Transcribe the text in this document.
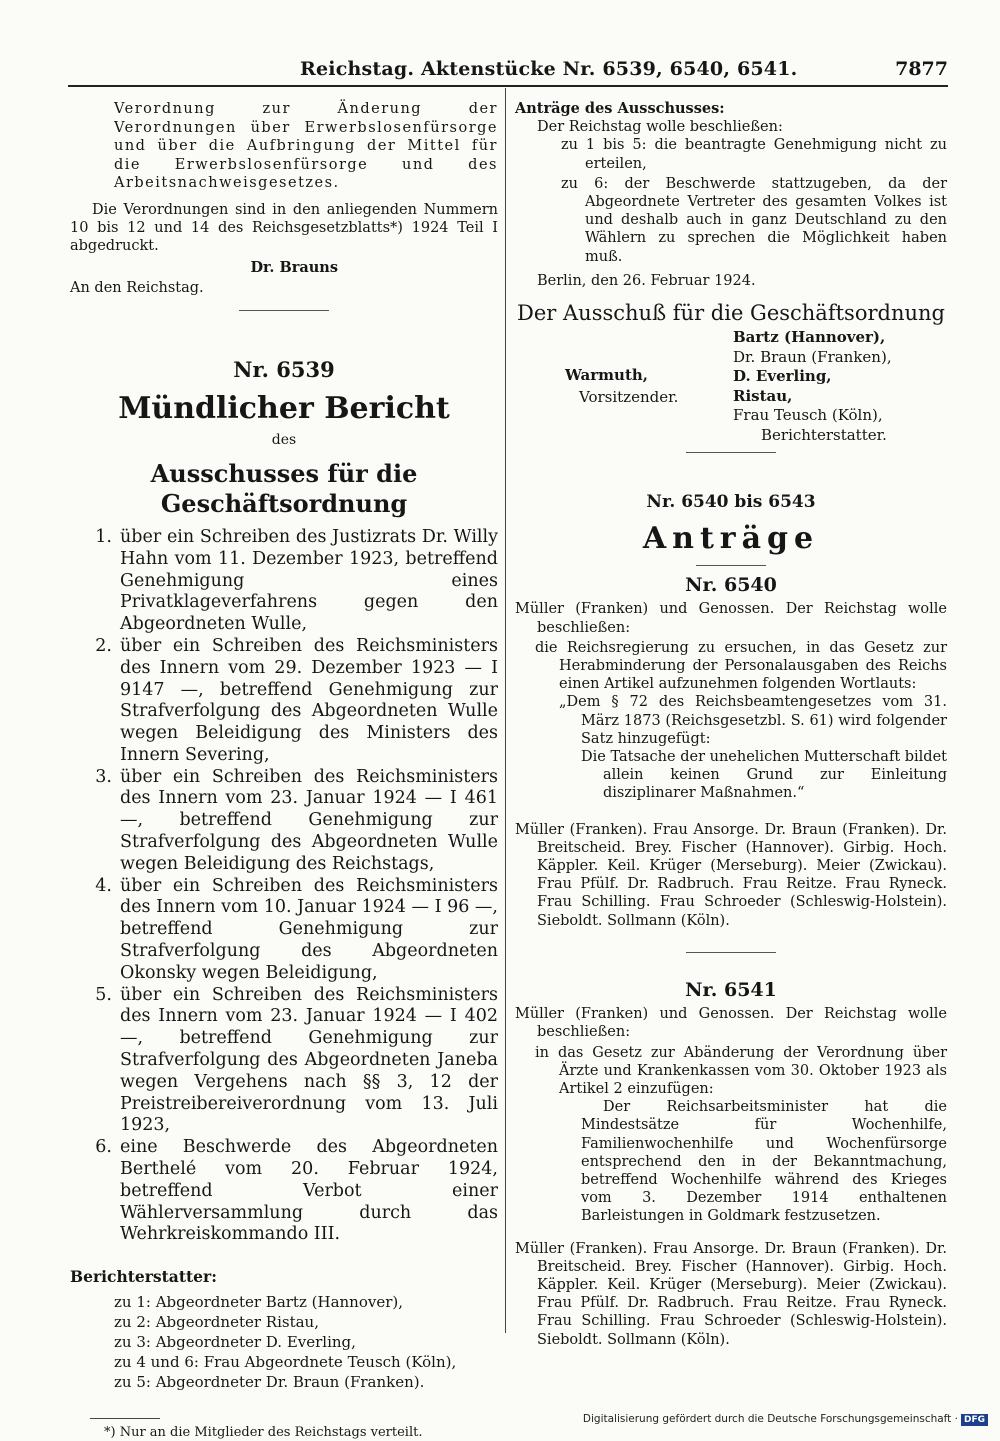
Reichstag. Aktenstücke Nr. 6539, 6540, 6541.	7877

Verordnung zur Änderung der Verordnungen über Erwerbslosenfürsorge und über die Aufbringung der Mittel für die Erwerbslosenfürsorge und des Arbeitsnachweisgesetzes.

Die Verordnungen sind in den anliegenden Nummern 10 bis 12 und 14 des Reichsgesetzblatts*) 1924 Teil I abgedruckt.

Dr. Brauns

An den Reichstag.

Nr. 6539
Mündlicher Bericht
des
Ausschusses für die Geschäftsordnung
1. über ein Schreiben des Justizrats Dr. Willy Hahn vom 11. Dezember 1923, betreffend Genehmigung eines Privatklageverfahrens gegen den Abgeordneten Wulle,
2. über ein Schreiben des Reichsministers des Innern vom 29. Dezember 1923 — I 9147 —, betreffend Genehmigung zur Strafverfolgung des Abgeordneten Wulle wegen Beleidigung des Ministers des Innern Severing,
3. über ein Schreiben des Reichsministers des Innern vom 23. Januar 1924 — I 461 —, betreffend Genehmigung zur Strafverfolgung des Abgeordneten Wulle wegen Beleidigung des Reichstags,
4. über ein Schreiben des Reichsministers des Innern vom 10. Januar 1924 — I 96 —, betreffend Genehmigung zur Strafverfolgung des Abgeordneten Okonsky wegen Beleidigung,
5. über ein Schreiben des Reichsministers des Innern vom 23. Januar 1924 — I 402 —, betreffend Genehmigung zur Strafverfolgung des Abgeordneten Janeba wegen Vergehens nach §§ 3, 12 der Preistreibereiverordnung vom 13. Juli 1923,
6. eine Beschwerde des Abgeordneten Berthelé vom 20. Februar 1924, betreffend Verbot einer Wählerversammlung durch das Wehrkreiskommando III.

Berichterstatter:

zu 1: Abgeordneter Bartz (Hannover),
zu 2: Abgeordneter Ristau,
zu 3: Abgeordneter D. Everling,
zu 4 und 6: Frau Abgeordnete Teusch (Köln),
zu 5: Abgeordneter Dr. Braun (Franken).

*) Nur an die Mitglieder des Reichstags verteilt.

Anträge des Ausschusses:

Der Reichstag wolle beschließen:

zu 1 bis 5: die beantragte Genehmigung nicht zu erteilen,

zu 6: der Beschwerde stattzugeben, da der Abgeordnete Vertreter des gesamten Volkes ist und deshalb auch in ganz Deutschland zu den Wählern zu sprechen die Möglichkeit haben muß.

Berlin, den 26. Februar 1924.

Der Ausschuß für die Geschäftsordnung
Bartz (Hannover),
Dr. Braun (Franken),
D. Everling,
Ristau,
Frau Teusch (Köln),
Berichterstatter.
Warmuth,
Vorsitzender.
Nr. 6540 bis 6543
Anträge
Nr. 6540

Müller (Franken) und Genossen. Der Reichstag wolle beschließen:

die Reichsregierung zu ersuchen, in das Gesetz zur Herabminderung der Personalausgaben des Reichs einen Artikel aufzunehmen folgenden Wortlauts:

„Dem § 72 des Reichsbeamtengesetzes vom 31. März 1873 (Reichsgesetzbl. S. 61) wird folgender Satz hinzugefügt:

Die Tatsache der unehelichen Mutterschaft bildet allein keinen Grund zur Einleitung disziplinarer Maßnahmen.“

Müller (Franken). Frau Ansorge. Dr. Braun (Franken). Dr. Breitscheid. Brey. Fischer (Hannover). Girbig. Hoch. Käppler. Keil. Krüger (Merseburg). Meier (Zwickau). Frau Pfülf. Dr. Radbruch. Frau Reitze. Frau Ryneck. Frau Schilling. Frau Schroeder (Schleswig-Holstein). Sieboldt. Sollmann (Köln).

Nr. 6541

Müller (Franken) und Genossen. Der Reichstag wolle beschließen:

in das Gesetz zur Abänderung der Verordnung über Ärzte und Krankenkassen vom 30. Oktober 1923 als Artikel 2 einzufügen:

Der Reichsarbeitsminister hat die Mindestsätze für Wochenhilfe, Familienwochenhilfe und Wochenfürsorge entsprechend den in der Bekanntmachung, betreffend Wochenhilfe während des Krieges vom 3. Dezember 1914 enthaltenen Barleistungen in Goldmark festzusetzen.

Müller (Franken). Frau Ansorge. Dr. Braun (Franken). Dr. Breitscheid. Brey. Fischer (Hannover). Girbig. Hoch. Käppler. Keil. Krüger (Merseburg). Meier (Zwickau). Frau Pfülf. Dr. Radbruch. Frau Reitze. Frau Ryneck. Frau Schilling. Frau Schroeder (Schleswig-Holstein). Sieboldt. Sollmann (Köln).

Digitalisierung gefördert durch die Deutsche Forschungsgemeinschaft · DFG
